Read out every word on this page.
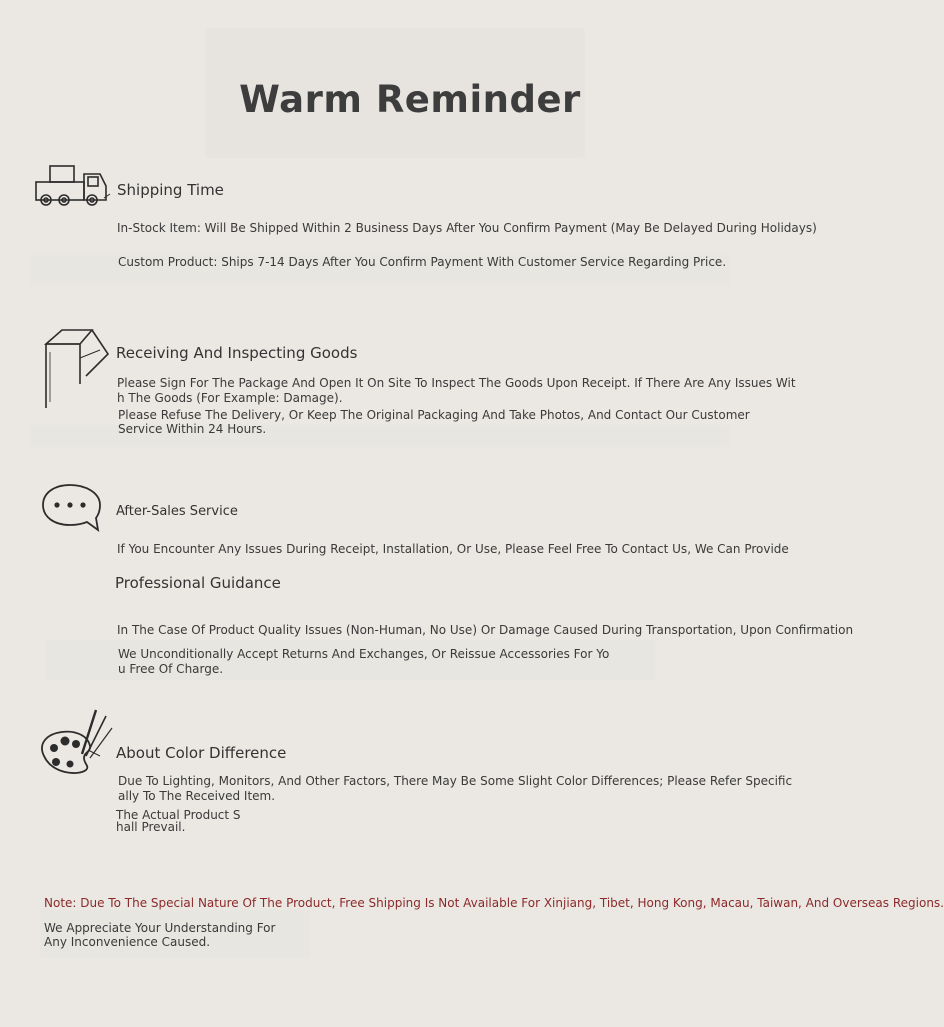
Warm Reminder
Shipping Time
In-Stock Item: Will Be Shipped Within 2 Business Days After You Confirm Payment (May Be Delayed During Holidays)
Custom Product: Ships 7-14 Days After You Confirm Payment With Customer Service Regarding Price.
Receiving And Inspecting Goods
Please Sign For The Package And Open It On Site To Inspect The Goods Upon Receipt. If There Are Any Issues Wit
h The Goods (For Example: Damage).
Please Refuse The Delivery, Or Keep The Original Packaging And Take Photos, And Contact Our Customer
Service Within 24 Hours.
After-Sales Service
If You Encounter Any Issues During Receipt, Installation, Or Use, Please Feel Free To Contact Us, We Can Provide
Professional Guidance
In The Case Of Product Quality Issues (Non-Human, No Use) Or Damage Caused During Transportation, Upon Confirmation
We Unconditionally Accept Returns And Exchanges, Or Reissue Accessories For Yo
u Free Of Charge.
About Color Difference
Due To Lighting, Monitors, And Other Factors, There May Be Some Slight Color Differences; Please Refer Specific
ally To The Received Item.
The Actual Product S
hall Prevail.
Note: Due To The Special Nature Of The Product, Free Shipping Is Not Available For Xinjiang, Tibet, Hong Kong, Macau, Taiwan, And Overseas Regions.
We Appreciate Your Understanding For
Any Inconvenience Caused.
